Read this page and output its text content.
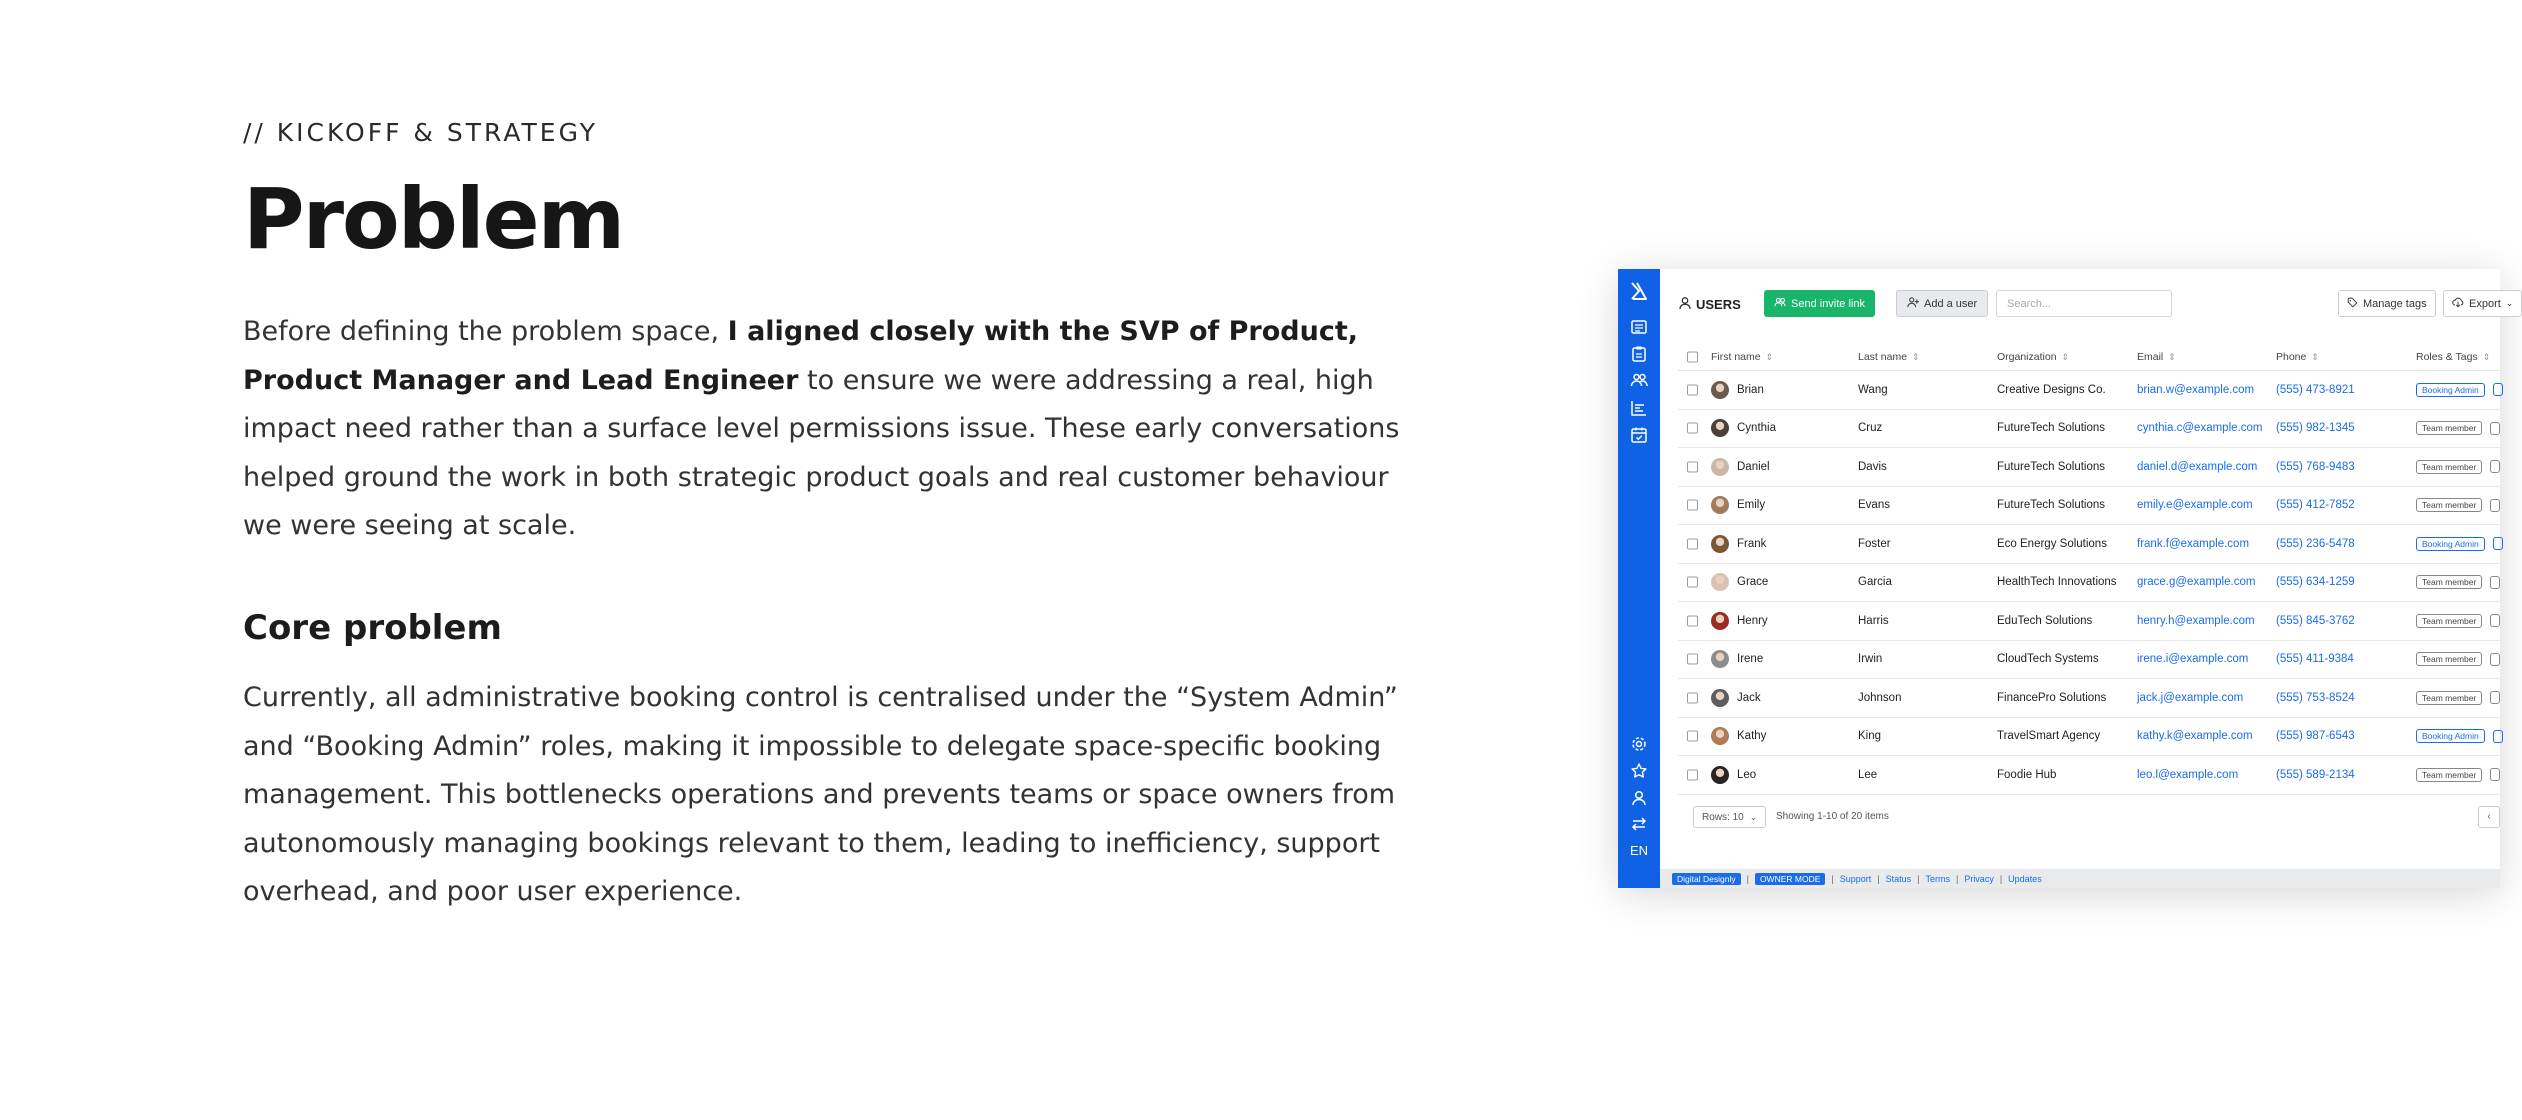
// KICKOFF & STRATEGY
Problem

Before defining the problem space, I aligned closely with the SVP of Product, Product Manager and Lead Engineer to ensure we were addressing a real, high impact need rather than a surface level permissions issue. These early conversations helped ground the work in both strategic product goals and real customer behaviour we were seeing at scale.

Core problem

Currently, all administrative booking control is centralised under the “System Admin” and “Booking Admin” roles, making it impossible to delegate space-specific booking management. This bottlenecks operations and prevents teams or space owners from autonomously managing bookings relevant to them, leading to inefficiency, support overhead, and poor user experience.

EN
USERS	Send invite link	Add a user	Search...	Manage tags	Export ⌄
First name ⇕	Last name ⇕	Organization ⇕	Email ⇕	Phone ⇕	Roles & Tags ⇕
Brian	Wang	Creative Designs Co.	brian.w@example.com (555) 473-8921	Booking Admin
Cynthia	Cruz	FutureTech Solutions	cynthia.c@example.com (555) 982-1345	Team member
Daniel	Davis	FutureTech Solutions	daniel.d@example.com (555) 768-9483	Team member
Emily	Evans	FutureTech Solutions	emily.e@example.com (555) 412-7852	Team member
Frank	Foster	Eco Energy Solutions	frank.f@example.com (555) 236-5478	Booking Admin
Grace	Garcia	HealthTech Innovations grace.g@example.com (555) 634-1259	Team member
Henry	Harris	EduTech Solutions	henry.h@example.com (555) 845-3762	Team member
Irene	Irwin	CloudTech Systems	irene.i@example.com (555) 411-9384	Team member
Jack	Johnson	FinancePro Solutions	jack.j@example.com	(555) 753-8524	Team member
Kathy	King	TravelSmart Agency	kathy.k@example.com (555) 987-6543	Booking Admin
Leo	Lee	Foodie Hub	leo.l@example.com	(555) 589-2134	Team member
Rows: 10 ⌄ Showing 1-10 of 20 items	‹
Digital Designly	|	OWNER MODE	| Support | Status | Terms | Privacy | Updates
